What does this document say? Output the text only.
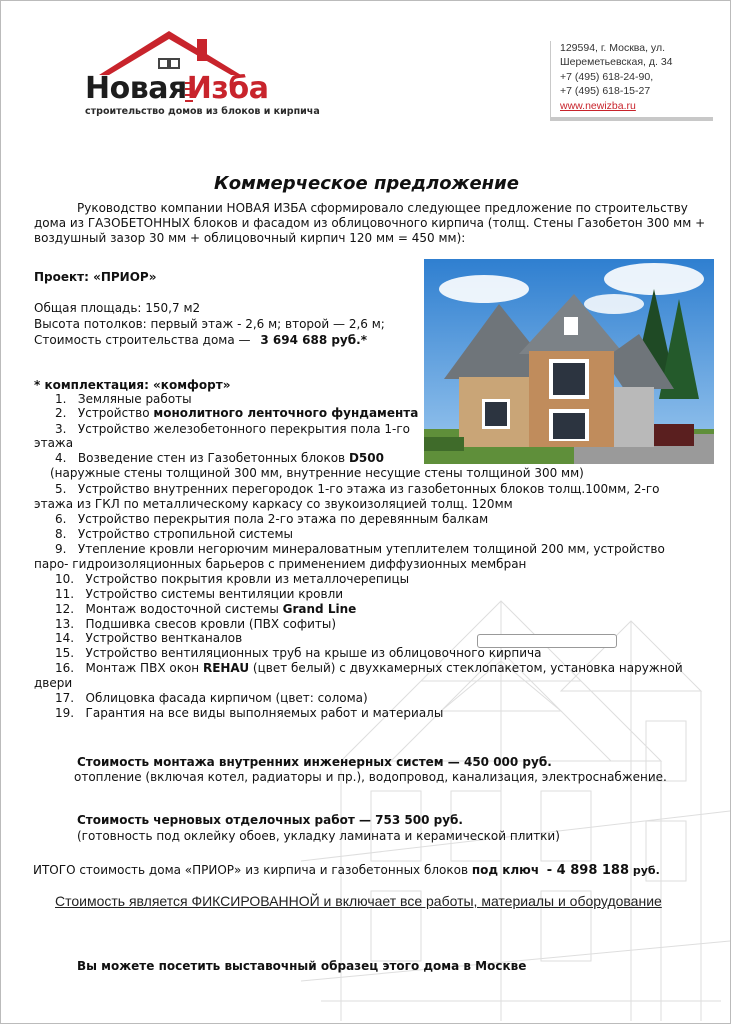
НоваяИзба
строительство домов из блоков и кирпича
129594, г. Москва, ул.
Шереметьевская, д. 34
+7 (495) 618-24-90,
+7 (495) 618-15-27
www.newizba.ru
Коммерческое предложение

Руководство компании НОВАЯ ИЗБА сформировало следующее предложение по строительству

дома из ГАЗОБЕТОННЫХ блоков и фасадом из облицовочного кирпича (толщ. Стены Газобетон 300 мм +

воздушный зазор 30 мм + облицовочный кирпич 120 мм = 450 мм):

Проект: «ПРИОР»
Общая площадь: 150,7 м2
Высота потолков: первый этаж - 2,6 м; второй — 2,6 м;
Стоимость строительства дома — 3 694 688 руб.*
* комплектация: «комфорт»
1. Земляные работы
2. Устройство монолитного ленточного фундамента
3. Устройство железобетонного перекрытия пола 1-го
этажа
4. Возведение стен из Газобетонных блоков D500
(наружные стены толщиной 300 мм, внутренние несущие стены толщиной 300 мм)
5. Устройство внутренних перегородок 1-го этажа из газобетонных блоков толщ.100мм, 2-го
этажа из ГКЛ по металлическому каркасу со звукоизоляцией толщ. 120мм
6. Устройство перекрытия пола 2-го этажа по деревянным балкам
8. Устройство стропильной системы
9. Утепление кровли негорючим минераловатным утеплителем толщиной 200 мм, устройство
паро- гидроизоляционных барьеров с применением диффузионных мембран
10. Устройство покрытия кровли из металлочерепицы
11. Устройство системы вентиляции кровли
12. Монтаж водосточной системы Grand Line
13. Подшивка свесов кровли (ПВХ софиты)
14. Устройство вентканалов
15. Устройство вентиляционных труб на крыше из облицовочного кирпича
16. Монтаж ПВХ окон REHAU (цвет белый) с двухкамерных стеклопакетом, установка наружной
двери
17. Облицовка фасада кирпичом (цвет: солома)
19. Гарантия на все виды выполняемых работ и материалы
Стоимость монтажа внутренних инженерных систем — 450 000 руб.
отопление (включая котел, радиаторы и пр.), водопровод, канализация, электроснабжение.
Стоимость черновых отделочных работ — 753 500 руб.
(готовность под оклейку обоев, укладку ламината и керамической плитки)
ИТОГО стоимость дома «ПРИОР» из кирпича и газобетонных блоков под ключ - 4 898 188 руб.
Стоимость является ФИКСИРОВАННОЙ и включает все работы, материалы и оборудование
Вы можете посетить выставочный образец этого дома в Москве
